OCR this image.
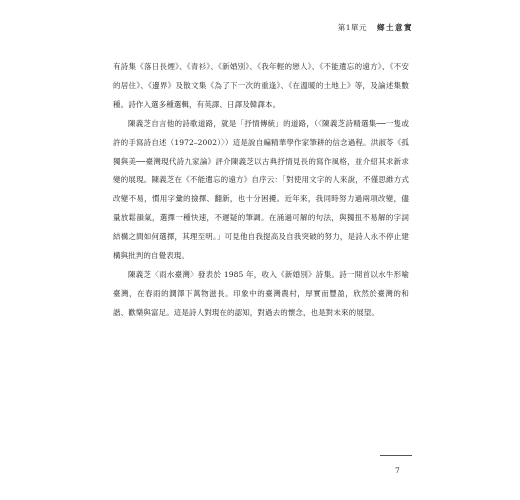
第1單元 鄉土意實

有詩集《落日長煙》、《青衫》、《新婚別》、《我年輕的戀人》、《不能遺忘的遠方》、《不安的居住》、《邊界》及散文集《為了下一次的重逢》、《在溫暖的土地上》等，及論述集數種。詩作入選多種選輯，有英譯、日譯及韓譯本。

陳義芝自言他的詩歌道路，就是「抒情傳統」的道路，（〈陳義芝詩精選集──一隻或許的手寫詩自述（1972–2002）〉）這是說自編精華學作家筆耕的信念過程。洪淑苓《孤獨與美──臺灣現代詩九家論》評介陳義芝以古典抒情見長的寫作風格，並介紹其求新求變的展現。陳義芝在《不能遺忘的遠方》自序云：「對使用文字的人來說，不僅思維方式改變不易，慣用字彙的撿擇、翻新，也十分困擾。近年來，我同時努力過兩項改變，儘量放鬆韻氣，選擇一種快速，不遲疑的筆調。在涌過可解的句法，與獨扭不易解的字詞結構之間如何選擇，其理至明。」可見他自我提高及自我突破的努力，是詩人永不停止建構與批判的自覺表現。

陳義芝〈雨水臺灣〉發表於 1985 年，收入《新婚別》詩集。詩一開首以水牛形喻臺灣，在春雨的潤澤下萬物滋長。印象中的臺灣農村，厚實而豐盈，欣然於臺灣的和諧、歡樂與富足。這是詩人對現在的認知，對過去的懷念，也是對未來的展望。

7
